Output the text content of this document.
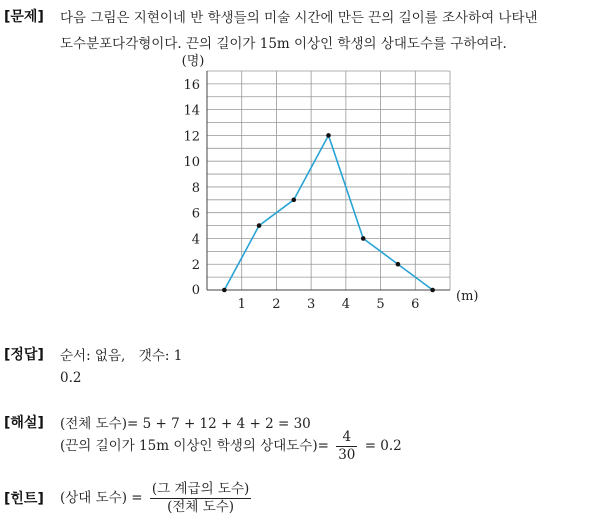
[문제] 다음 그림은 지현이네 반 학생들의 미술 시간에 만든 끈의 길이를 조사하여 나타낸
도수분포다각형이다. 끈의 길이가 15m 이상인 학생의 상대도수를 구하여라.
2
4
6
8
10
12
14
16
1 2 3 4 5 6
0
(명)
(m)
[정답] 순서: 없음,　갯수: 1
0.2
[해설] (전체 도수)= 5 + 7 + 12 + 4 + 2 = 30
(끈의 길이가 15m 이상인 학생의 상대도수)= $\frac{4}{30} = 0.2$
[힌트] (상대 도수) = $\frac{\text{(그 계급의 도수)}}{\text{(전체 도수)}}$
